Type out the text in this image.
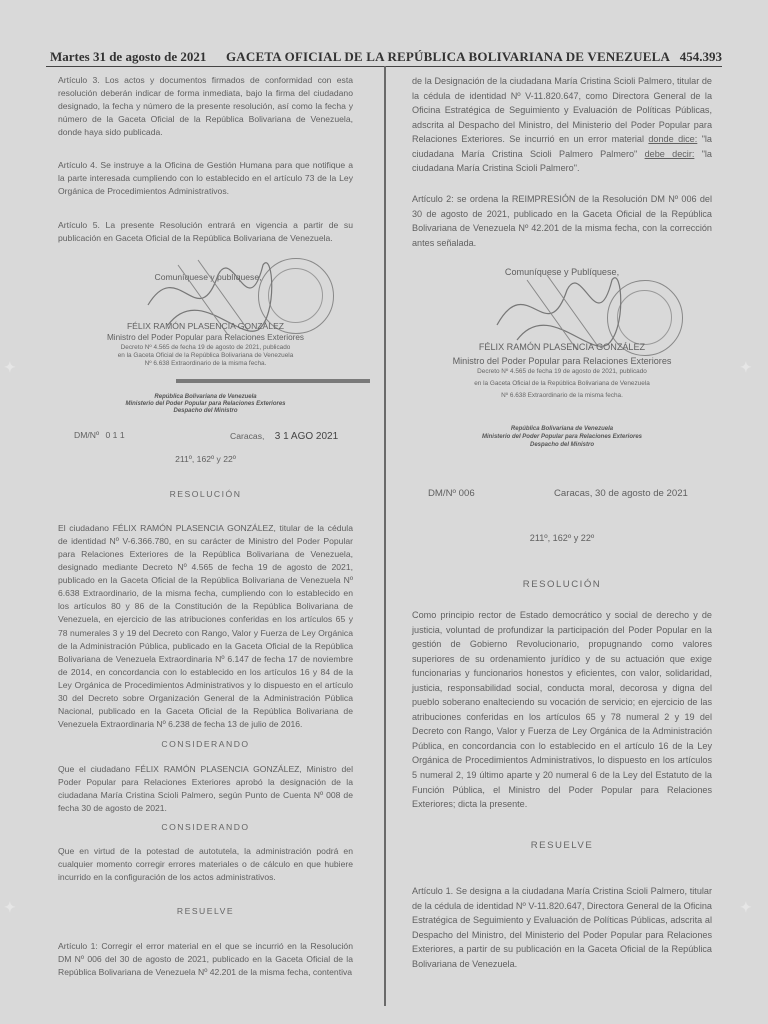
✦	✦
✦	✦
Martes 31 de agosto de 2021 GACETA OFICIAL DE LA REPÚBLICA BOLIVARIANA DE VENEZUELA 454.393

Artículo 3. Los actos y documentos firmados de conformidad con esta resolución deberán indicar de forma inmediata, bajo la firma del ciudadano designado, la fecha y número de la presente resolución, así como la fecha y número de la Gaceta Oficial de la República Bolivariana de Venezuela, donde haya sido publicada.

Artículo 4. Se instruye a la Oficina de Gestión Humana para que notifique a la parte interesada cumpliendo con lo establecido en el artículo 73 de la Ley Orgánica de Procedimientos Administrativos.

Artículo 5. La presente Resolución entrará en vigencia a partir de su publicación en Gaceta Oficial de la República Bolivariana de Venezuela.

Comuníquese y publíquese,
FÉLIX RAMÓN PLASENCIA GONZÁLEZ
Ministro del Poder Popular para Relaciones Exteriores
Decreto Nº 4.565 de fecha 19 de agosto de 2021, publicado
en la Gaceta Oficial de la República Bolivariana de Venezuela
Nº 6.638 Extraordinario de la misma fecha.
República Bolivariana de Venezuela
Ministerio del Poder Popular para Relaciones Exteriores
Despacho del Ministro
DM/Nº 0 1 1	Caracas, 3 1 AGO 2021
211º, 162º y 22º
RESOLUCIÓN

El ciudadano FÉLIX RAMÓN PLASENCIA GONZÁLEZ, titular de la cédula de identidad Nº V-6.366.780, en su carácter de Ministro del Poder Popular para Relaciones Exteriores de la República Bolivariana de Venezuela, designado mediante Decreto Nº 4.565 de fecha 19 de agosto de 2021, publicado en la Gaceta Oficial de la República Bolivariana de Venezuela Nº 6.638 Extraordinario, de la misma fecha, cumpliendo con lo establecido en los artículos 80 y 86 de la Constitución de la República Bolivariana de Venezuela, en ejercicio de las atribuciones conferidas en los artículos 65 y 78 numerales 3 y 19 del Decreto con Rango, Valor y Fuerza de Ley Orgánica de la Administración Pública, publicado en la Gaceta Oficial de la República Bolivariana de Venezuela Extraordinaria Nº 6.147 de fecha 17 de noviembre de 2014, en concordancia con lo establecido en los artículos 16 y 84 de la Ley Orgánica de Procedimientos Administrativos y lo dispuesto en el artículo 30 del Decreto sobre Organización General de la Administración Pública Nacional, publicado en la Gaceta Oficial de la República Bolivariana de Venezuela Extraordinaria Nº 6.238 de fecha 13 de julio de 2016.

CONSIDERANDO

Que el ciudadano FÉLIX RAMÓN PLASENCIA GONZÁLEZ, Ministro del Poder Popular para Relaciones Exteriores aprobó la designación de la ciudadana María Cristina Scioli Palmero, según Punto de Cuenta Nº 008 de fecha 30 de agosto de 2021.

CONSIDERANDO

Que en virtud de la potestad de autotutela, la administración podrá en cualquier momento corregir errores materiales o de cálculo en que hubiere incurrido en la configuración de los actos administrativos.

RESUELVE

Artículo 1: Corregir el error material en el que se incurrió en la Resolución DM Nº 006 del 30 de agosto de 2021, publicado en la Gaceta Oficial de la República Bolivariana de Venezuela Nº 42.201 de la misma fecha, contentiva

de la Designación de la ciudadana María Cristina Scioli Palmero, titular de la cédula de identidad Nº V-11.820.647, como Directora General de la Oficina Estratégica de Seguimiento y Evaluación de Políticas Públicas, adscrita al Despacho del Ministro, del Ministerio del Poder Popular para Relaciones Exteriores. Se incurrió en un error material donde dice: "la ciudadana María Cristina Scioli Palmero Palmero" debe decir: "la ciudadana María Cristina Scioli Palmero".

Artículo 2: se ordena la REIMPRESIÓN de la Resolución DM Nº 006 del 30 de agosto de 2021, publicado en la Gaceta Oficial de la República Bolivariana de Venezuela Nº 42.201 de la misma fecha, con la corrección antes señalada.

Comuníquese y Publíquese,
FÉLIX RAMÓN PLASENCIA GONZÁLEZ
Ministro del Poder Popular para Relaciones Exteriores
Decreto Nº 4.565 de fecha 19 de agosto de 2021, publicado
en la Gaceta Oficial de la República Bolivariana de Venezuela
Nº 6.638 Extraordinario de la misma fecha.
República Bolivariana de Venezuela
Ministerio del Poder Popular para Relaciones Exteriores
Despacho del Ministro
DM/Nº 006	Caracas, 30 de agosto de 2021
211º, 162º y 22º
RESOLUCIÓN

Como principio rector de Estado democrático y social de derecho y de justicia, voluntad de profundizar la participación del Poder Popular en la gestión de Gobierno Revolucionario, propugnando como valores superiores de su ordenamiento jurídico y de su actuación que exige funcionarias y funcionarios honestos y eficientes, con valor, solidaridad, justicia, responsabilidad social, conducta moral, decorosa y digna del pueblo soberano enalteciendo su vocación de servicio; en ejercicio de las atribuciones conferidas en los artículos 65 y 78 numeral 2 y 19 del Decreto con Rango, Valor y Fuerza de Ley Orgánica de la Administración Pública, en concordancia con lo establecido en el artículo 16 de la Ley Orgánica de Procedimientos Administrativos, lo dispuesto en los artículos 5 numeral 2, 19 último aparte y 20 numeral 6 de la Ley del Estatuto de la Función Pública, el Ministro del Poder Popular para Relaciones Exteriores; dicta la presente.

RESUELVE

Artículo 1. Se designa a la ciudadana María Cristina Scioli Palmero, titular de la cédula de identidad Nº V-11.820.647, Directora General de la Oficina Estratégica de Seguimiento y Evaluación de Políticas Públicas, adscrita al Despacho del Ministro, del Ministerio del Poder Popular para Relaciones Exteriores, a partir de su publicación en la Gaceta Oficial de la República Bolivariana de Venezuela.
